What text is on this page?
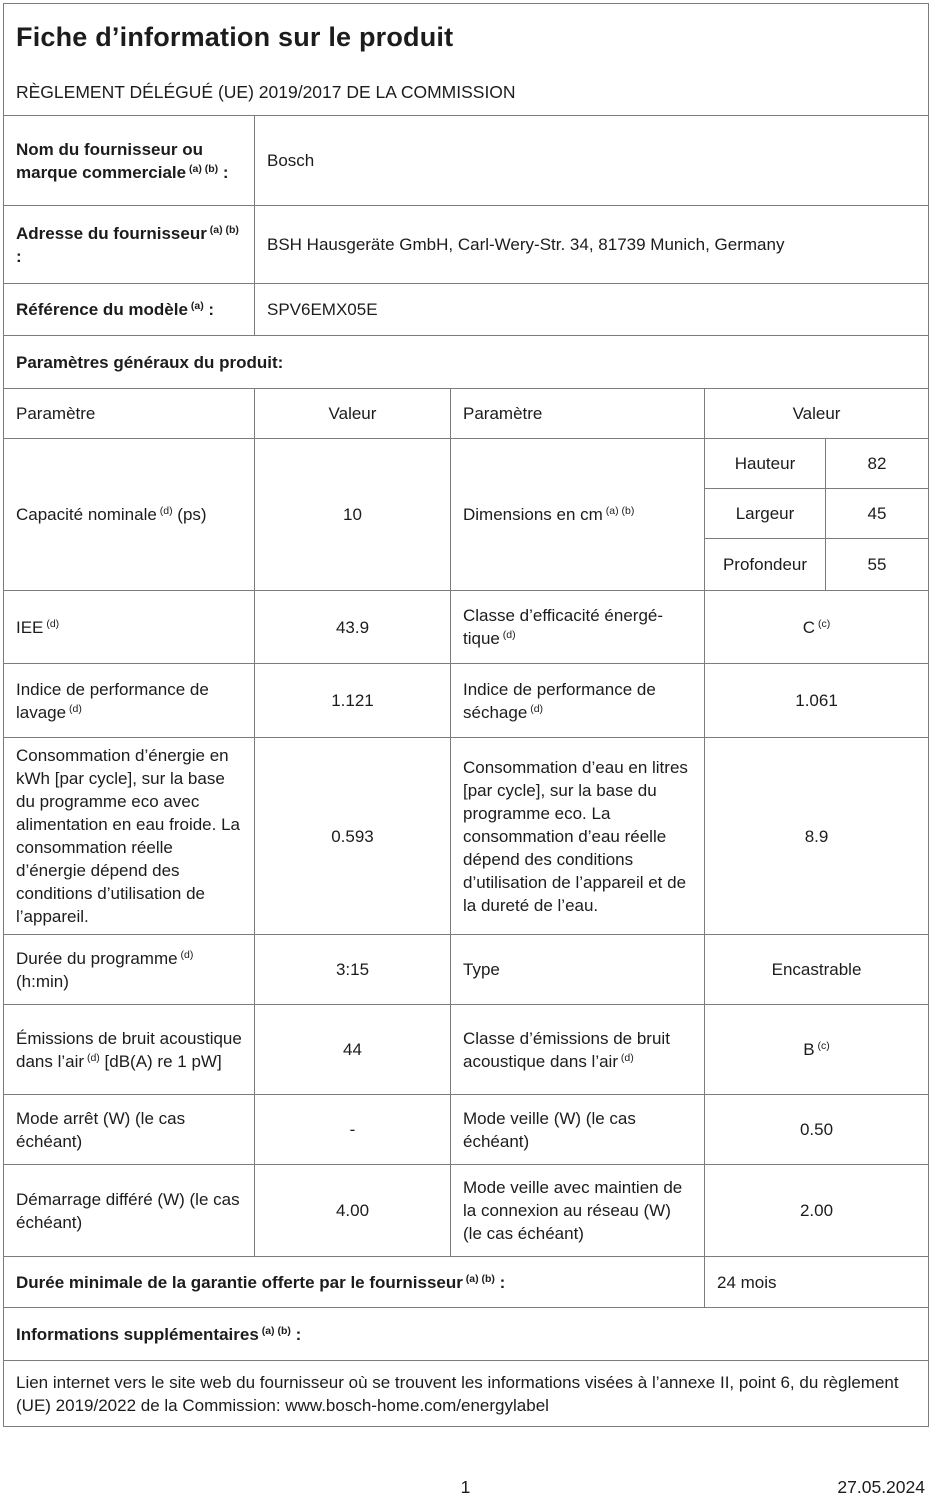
Fiche d’information sur le produit
RÈGLEMENT DÉLÉGUÉ (UE) 2019/2017 DE LA COMMISSION				

Nom du fournisseur ou marque commerciale $^{(a) (b)}$ :	Bosch			
Adresse du fournisseur $^{(a) (b)}$ :	BSH Hausgeräte GmbH, Carl-Wery-Str. 34, 81739 Munich, Germany			
Référence du modèle $^{(a)}$ :	SPV6EMX05E			
Paramètres généraux du produit:				
Paramètre	Valeur	Paramètre	Valeur	
Capacité nominale $^{(d)}$ (ps)	10	Dimensions en cm $^{(a) (b)}$	Hauteur	82
			Largeur	45
			Profondeur	55
IEE $^{(d)}$	43.9	Classe d’efficacité énergétique $^{(d)}$	C $^{(c)}$
Indice de performance de lavage $^{(d)}$	1.121	Indice de performance de séchage $^{(d)}$	1.061	
Consommation d’énergie en kWh [par cycle], sur la base du programme eco avec alimentation en eau froide. La consommation réelle d’énergie dépend des conditions d’utilisation de l’appareil.	0.593	Consommation d’eau en litres [par cycle], sur la base du programme eco. La consommation d’eau réelle dépend des conditions d’utilisation de l’appareil et de la dureté de l’eau.	8.9	
Durée du programme $^{(d)}$ (h:min)	3:15	Type	Encastrable	
Émissions de bruit acoustique dans l’air $^{(d)}$ [dB(A) re 1 pW]	44	Classe d’émissions de bruit acoustique dans l’air $^{(d)}$	B $^{(c)}$
Mode arrêt (W) (le cas échéant)	-	Mode veille (W) (le cas échéant)	0.50	
Démarrage différé (W) (le cas échéant)	4.00	Mode veille avec maintien de la connexion au réseau (W) (le cas échéant)	2.00	
Durée minimale de la garantie offerte par le fournisseur $^{(a) (b)}$ :			24 mois	
Informations supplémentaires $^{(a) (b)}$ :				
Lien internet vers le site web du fournisseur où se trouvent les informations visées à l’annexe II, point 6, du règlement (UE) 2019/2022 de la Commission: www.bosch-home.com/energylabel				
1	27.05.2024
